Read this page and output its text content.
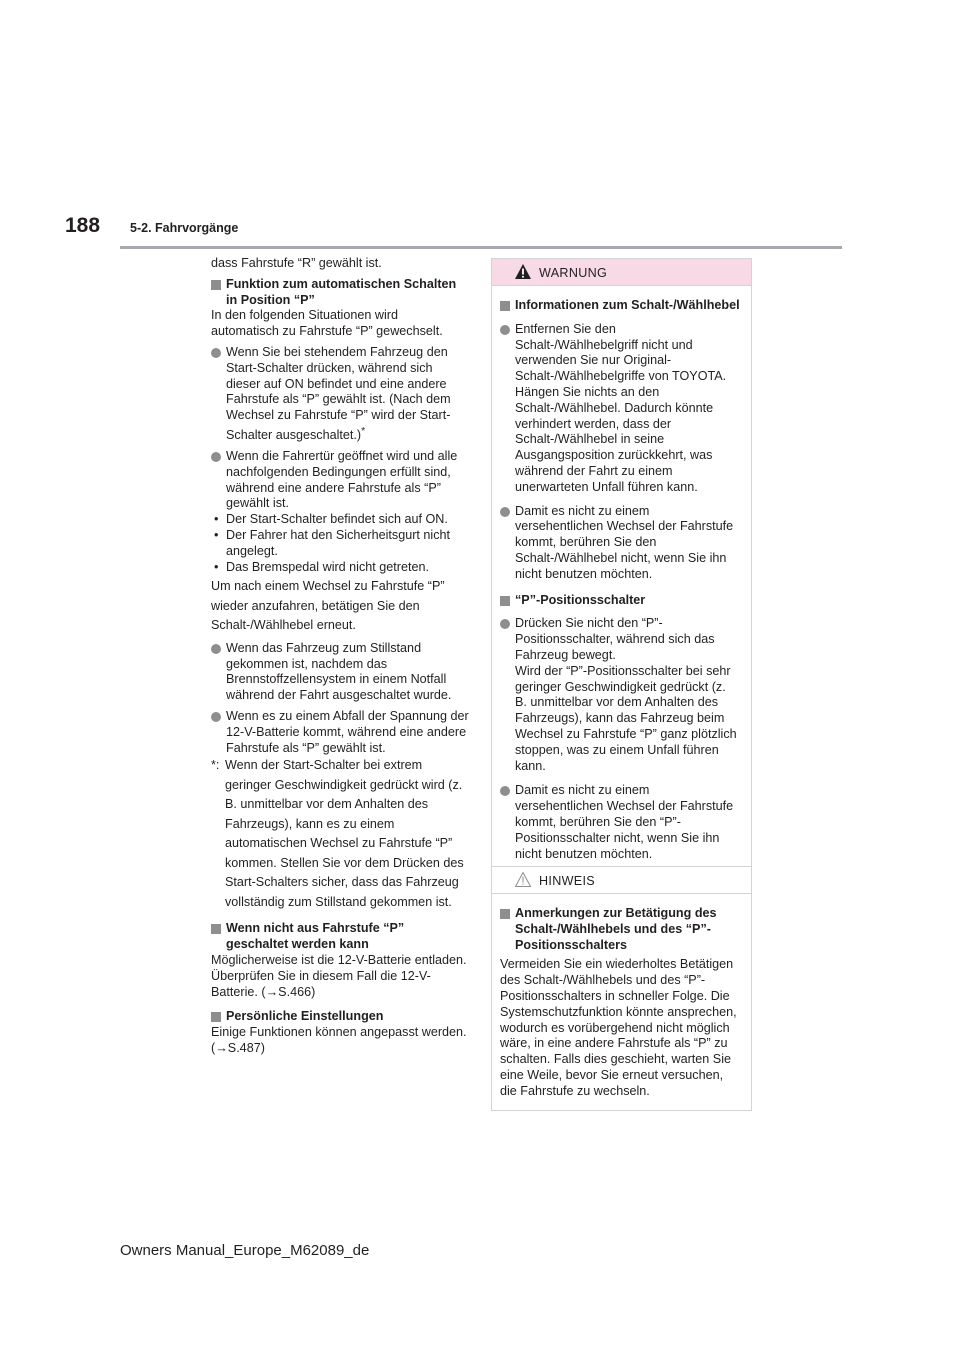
188 5-2. Fahrvorgänge

dass Fahrstufe “R” gewählt ist.

Funktion zum automatischen Schalten in Position “P”

In den folgenden Situationen wird automatisch zu Fahrstufe “P” gewechselt.

Wenn Sie bei stehendem Fahrzeug den Start-Schalter drücken, während sich dieser auf ON befindet und eine andere Fahrstufe als “P” gewählt ist. (Nach dem Wechsel zu Fahrstufe “P” wird der Start-Schalter ausgeschaltet.)*

Wenn die Fahrertür geöffnet wird und alle nachfolgenden Bedingungen erfüllt sind, während eine andere Fahrstufe als “P” gewählt ist.

• Der Start-Schalter befindet sich auf ON.

• Der Fahrer hat den Sicherheitsgurt nicht angelegt.

• Das Bremspedal wird nicht getreten.

Um nach einem Wechsel zu Fahrstufe “P” wieder anzufahren, betätigen Sie den Schalt-/Wählhebel erneut.

Wenn das Fahrzeug zum Stillstand gekommen ist, nachdem das Brennstoffzellensystem in einem Notfall während der Fahrt ausgeschaltet wurde.

Wenn es zu einem Abfall der Spannung der 12-V-Batterie kommt, während eine andere Fahrstufe als “P” gewählt ist.

*: Wenn der Start-Schalter bei extrem geringer Geschwindigkeit gedrückt wird (z. B. unmittelbar vor dem Anhalten des Fahrzeugs), kann es zu einem automatischen Wechsel zu Fahrstufe “P” kommen. Stellen Sie vor dem Drücken des Start-Schalters sicher, dass das Fahrzeug vollständig zum Stillstand gekommen ist.

Wenn nicht aus Fahrstufe “P” geschaltet werden kann

Möglicherweise ist die 12-V-Batterie entladen. Überprüfen Sie in diesem Fall die 12-V-Batterie. (→S.466)

Persönliche Einstellungen

Einige Funktionen können angepasst werden. (→S.487)

WARNUNG

Informationen zum Schalt-/Wählhebel

Entfernen Sie den Schalt-/Wählhebelgriff nicht und verwenden Sie nur Original-Schalt-/Wählhebelgriffe von TOYOTA. Hängen Sie nichts an den Schalt-/Wählhebel. Dadurch könnte verhindert werden, dass der Schalt-/Wählhebel in seine Ausgangsposition zurückkehrt, was während der Fahrt zu einem unerwarteten Unfall führen kann.

Damit es nicht zu einem versehentlichen Wechsel der Fahrstufe kommt, berühren Sie den Schalt-/Wählhebel nicht, wenn Sie ihn nicht benutzen möchten.

“P”-Positionsschalter

Drücken Sie nicht den “P”-Positionsschalter, während sich das Fahrzeug bewegt.
Wird der “P”-Positionsschalter bei sehr geringer Geschwindigkeit gedrückt (z. B. unmittelbar vor dem Anhalten des Fahrzeugs), kann das Fahrzeug beim Wechsel zu Fahrstufe “P” ganz plötzlich stoppen, was zu einem Unfall führen kann.

Damit es nicht zu einem versehentlichen Wechsel der Fahrstufe kommt, berühren Sie den “P”-Positionsschalter nicht, wenn Sie ihn nicht benutzen möchten.

HINWEIS

Anmerkungen zur Betätigung des Schalt-/Wählhebels und des “P”-Positionsschalters

Vermeiden Sie ein wiederholtes Betätigen des Schalt-/Wählhebels und des “P”-Positionsschalters in schneller Folge. Die Systemschutzfunktion könnte ansprechen, wodurch es vorübergehend nicht möglich wäre, in eine andere Fahrstufe als “P” zu schalten. Falls dies geschieht, warten Sie eine Weile, bevor Sie erneut versuchen, die Fahrstufe zu wechseln.

Owners Manual_Europe_M62089_de
